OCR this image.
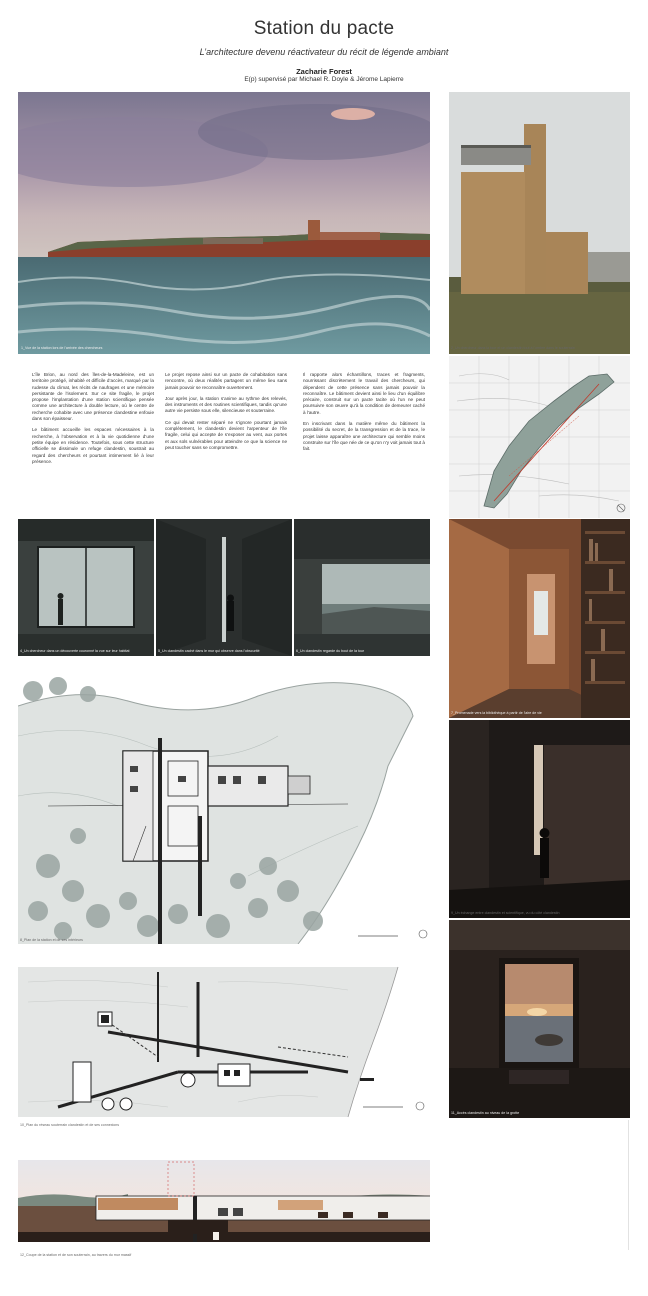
Station du pacte
L’architecture devenu réactivateur du récit de légende ambiant
Zacharie Forest
E(p) supervisé par Michael R. Doyle & Jérome Lapierre
1_Vue de la station lors de l'arrivée des chercheurs	2_Un chercheur dans la tour et un clandestin tout à l'ombre dans le souterrain

L’île Brion, au nord des Îles-de-la-Madeleine, est un territoire protégé, inhabité et difficile d’accès, marqué par la rudesse du climat, les récits de naufrages et une mémoire persistante de l’isolement. Sur ce site fragile, le projet propose l’implantation d’une station scientifique pensée comme une architecture à double lecture, où le centre de recherche cohabite avec une présence clandestine enfouie dans son épaisseur.

Le bâtiment accueille les espaces nécessaires à la recherche, à l’observation et à la vie quotidienne d’une petite équipe en résidence. Toutefois, sous cette structure officielle se dissimule un refuge clandestin, soustrait au regard des chercheurs et pourtant intimement lié à leur présence.

Le projet repose ainsi sur un pacte de cohabitation sans rencontre, où deux réalités partagent un même lieu sans jamais pouvoir se reconnaître ouvertement.

Jour après jour, la station s’anime au rythme des relevés, des instruments et des routines scientifiques, tandis qu’une autre vie persiste sous elle, silencieuse et souterraine.

Ce qui devait rester séparé ne s’ignore pourtant jamais complètement, le clandestin devient l’arpenteur de l’île fragile, celui qui accepte de s’exposer au vent, aux portes et aux sols vulnérables pour atteindre ce que la science ne peut toucher sans se compromettre.

Il rapporte alors échantillons, traces et fragments, nourrissant discrètement le travail des chercheurs, qui dépendent de cette présence sans jamais pouvoir la reconnaître. Le bâtiment devient ainsi le lieu d’un équilibre précaire, construit sur un pacte tacite où l’un ne peut poursuivre son œuvre qu’à la condition de demeurer caché à l’autre.

En inscrivant dans la matière même du bâtiment la possibilité du secret, de la transgression et de la trace, le projet laisse apparaître une architecture qui semble moins construite sur l’île que née de ce qu’on n’y voit jamais tout à fait.

4_Un chercheur dans un découverte couronné la vue sur leur habitat	5_Un clandestin caché dans le mur qui observe dans l'obscurité	6_Un clandestin regarde du bout de la tour
7_Promenade vers la bibliothèque à partir de l'aire de vie
8_Plan de la station et de ses intérieurs
9_Un échange entre clandestin et scientifique, vu du côté clandestin
10_Plan du réseau souterrain clandestin et de ses connexions
11_Accès clandestin au niveau de la grotte
12_Coupe de la station et de son souterrain, au travers du mur massif
